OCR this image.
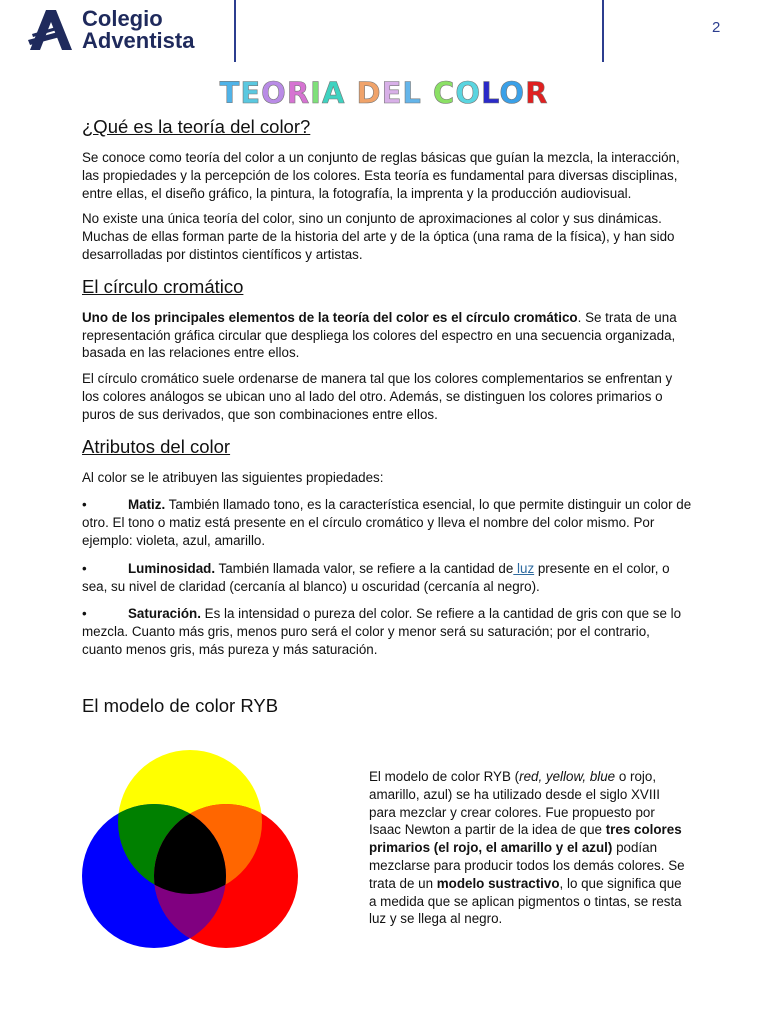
Colegio
Adventista
2
TEORIA DEL COLOR
¿Qué es la teoría del color?

Se conoce como teoría del color a un conjunto de reglas básicas que guían la mezcla, la interacción, las propiedades y la percepción de los colores. Esta teoría es fundamental para diversas disciplinas, entre ellas, el diseño gráfico, la pintura, la fotografía, la imprenta y la producción audiovisual.

No existe una única teoría del color, sino un conjunto de aproximaciones al color y sus dinámicas. Muchas de ellas forman parte de la historia del arte y de la óptica (una rama de la física), y han sido desarrolladas por distintos científicos y artistas.

El círculo cromático

Uno de los principales elementos de la teoría del color es el círculo cromático. Se trata de una representación gráfica circular que despliega los colores del espectro en una secuencia organizada, basada en las relaciones entre ellos.

El círculo cromático suele ordenarse de manera tal que los colores complementarios se enfrentan y los colores análogos se ubican uno al lado del otro. Además, se distinguen los colores primarios o puros de sus derivados, que son combinaciones entre ellos.

Atributos del color

Al color se le atribuyen las siguientes propiedades:

•	Matiz. También llamado tono, es la característica esencial, lo que permite distinguir un color de otro. El tono o matiz está presente en el círculo cromático y lleva el nombre del color mismo. Por ejemplo: violeta, azul, amarillo.

•	Luminosidad. También llamada valor, se refiere a la cantidad de luz presente en el color, o sea, su nivel de claridad (cercanía al blanco) u oscuridad (cercanía al negro).

•	Saturación. Es la intensidad o pureza del color. Se refiere a la cantidad de gris con que se lo mezcla. Cuanto más gris, menos puro será el color y menor será su saturación; por el contrario, cuanto menos gris, más pureza y más saturación.

El modelo de color RYB

El modelo de color RYB (red, yellow, blue o rojo, amarillo, azul) se ha utilizado desde el siglo XVIII para mezclar y crear colores. Fue propuesto por Isaac Newton a partir de la idea de que tres colores primarios (el rojo, el amarillo y el azul) podían mezclarse para producir todos los demás colores. Se trata de un modelo sustractivo, lo que significa que a medida que se aplican pigmentos o tintas, se resta luz y se llega al negro.
